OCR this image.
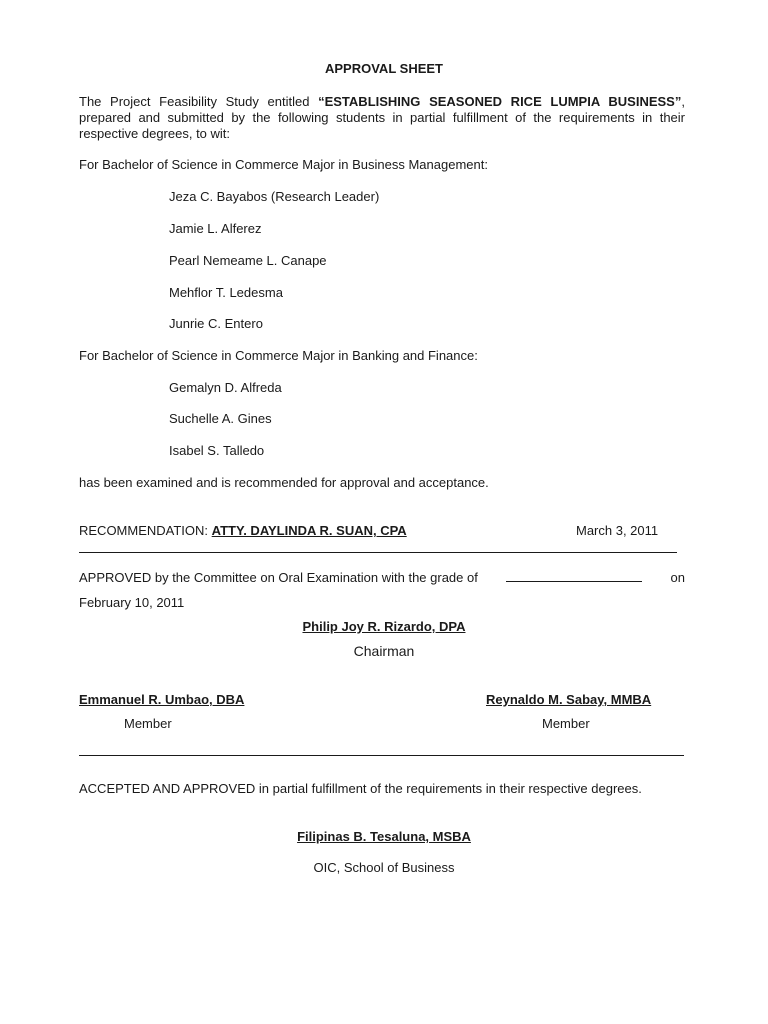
APPROVAL SHEET
The Project Feasibility Study entitled “ESTABLISHING SEASONED RICE LUMPIA BUSINESS”, prepared and submitted by the following students in partial fulfillment of the requirements in their respective degrees, to wit:
For Bachelor of Science in Commerce Major in Business Management:
Jeza C. Bayabos (Research Leader)
Jamie L. Alferez
Pearl Nemeame L. Canape
Mehflor T. Ledesma
Junrie C. Entero
For Bachelor of Science in Commerce Major in Banking and Finance:
Gemalyn D. Alfreda
Suchelle A. Gines
Isabel S. Talledo
has been examined and is recommended for approval and acceptance.
RECOMMENDATION: ATTY. DAYLINDA R. SUAN, CPA	March 3, 2011
APPROVED by the Committee on Oral Examination with the grade of	on
February 10, 2011
Philip Joy R. Rizardo, DPA
Chairman
Emmanuel R. Umbao, DBA
Member
Reynaldo M. Sabay, MMBA
Member
ACCEPTED AND APPROVED in partial fulfillment of the requirements in their respective degrees.
Filipinas B. Tesaluna, MSBA
OIC, School of Business
